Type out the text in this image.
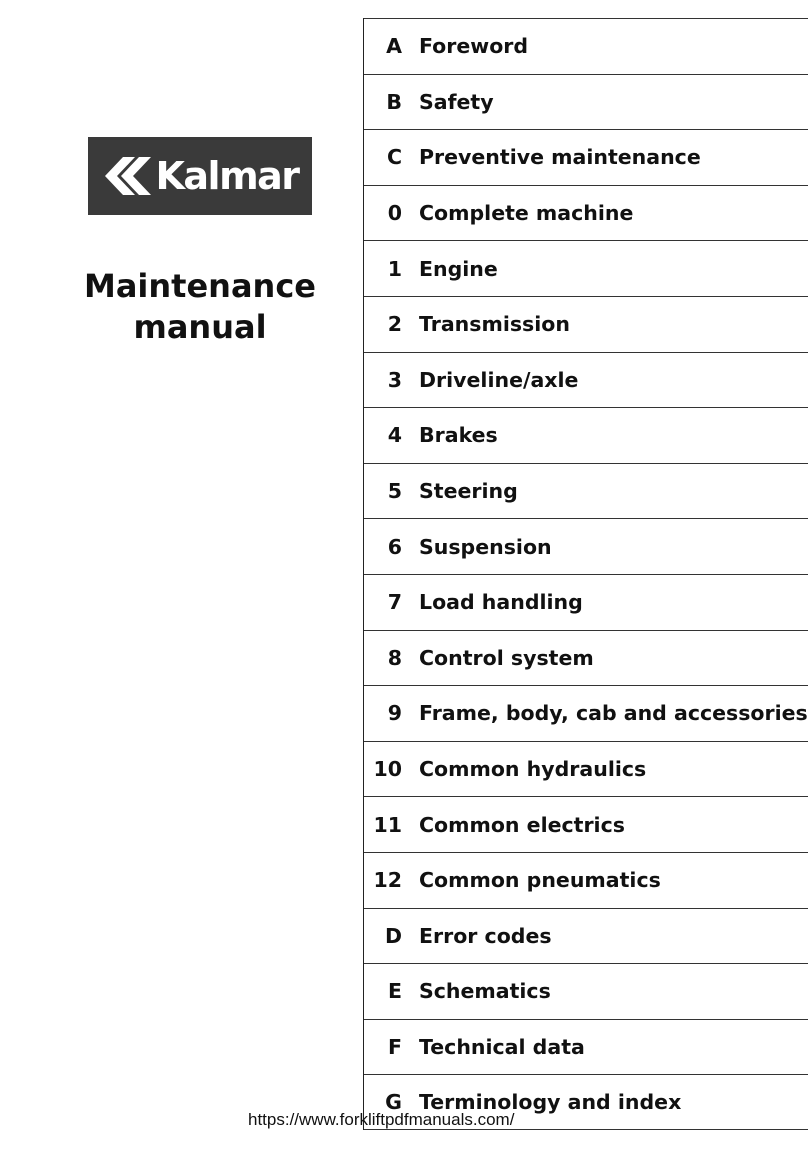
Kalmar
Maintenance
manual
A Foreword
B Safety
C Preventive maintenance
0 Complete machine
1 Engine
2 Transmission
3 Driveline/axle
4 Brakes
5 Steering
6 Suspension
7 Load handling
8 Control system
9 Frame, body, cab and accessories
10 Common hydraulics
11 Common electrics
12 Common pneumatics
D Error codes
E Schematics
F Technical data
G Terminology and index
https://www.forkliftpdfmanuals.com/
